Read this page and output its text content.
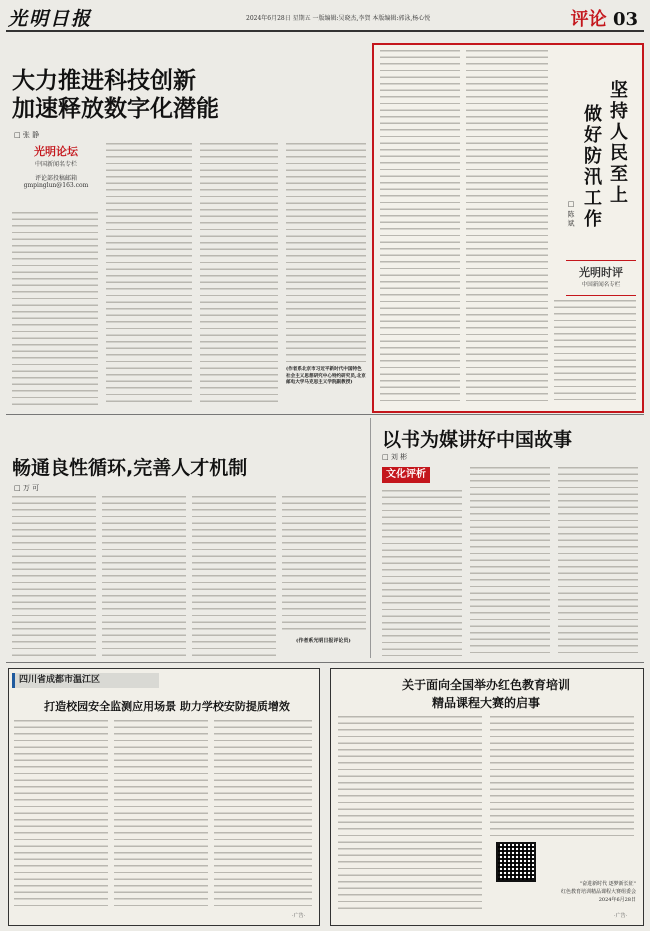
光明日报	2024年6月28日 星期五 一版编辑:吴晓杰,李賀 本版编辑:郭泳,杨心悦	评论 03
大力推进科技创新
加速释放数字化潜能
□ 张 静
光明论坛
中国新闻名专栏
评论部投稿邮箱
gmpinglun@163.com
(作者系北京市习近平新时代中国特色社会主义思想研究中心特约研究员,北京邮电大学马克思主义学院副教授)
坚持人民至上
做好防汛工作
□ 陈 斌
光明时评
中国新闻名专栏
畅通良性循环,完善人才机制
□ 万 可
(作者系光明日报评论员)
以书为媒讲好中国故事
□ 刘 彬
文化评析
四川省成都市温江区
打造校园安全监测应用场景 助力学校安防提质增效
·广告·
关于面向全国举办红色教育培训
精品课程大赛的启事
"奋进新时代 逐梦新长征"
红色教育培训精品课程大赛组委会
2024年6月28日
·广告·
